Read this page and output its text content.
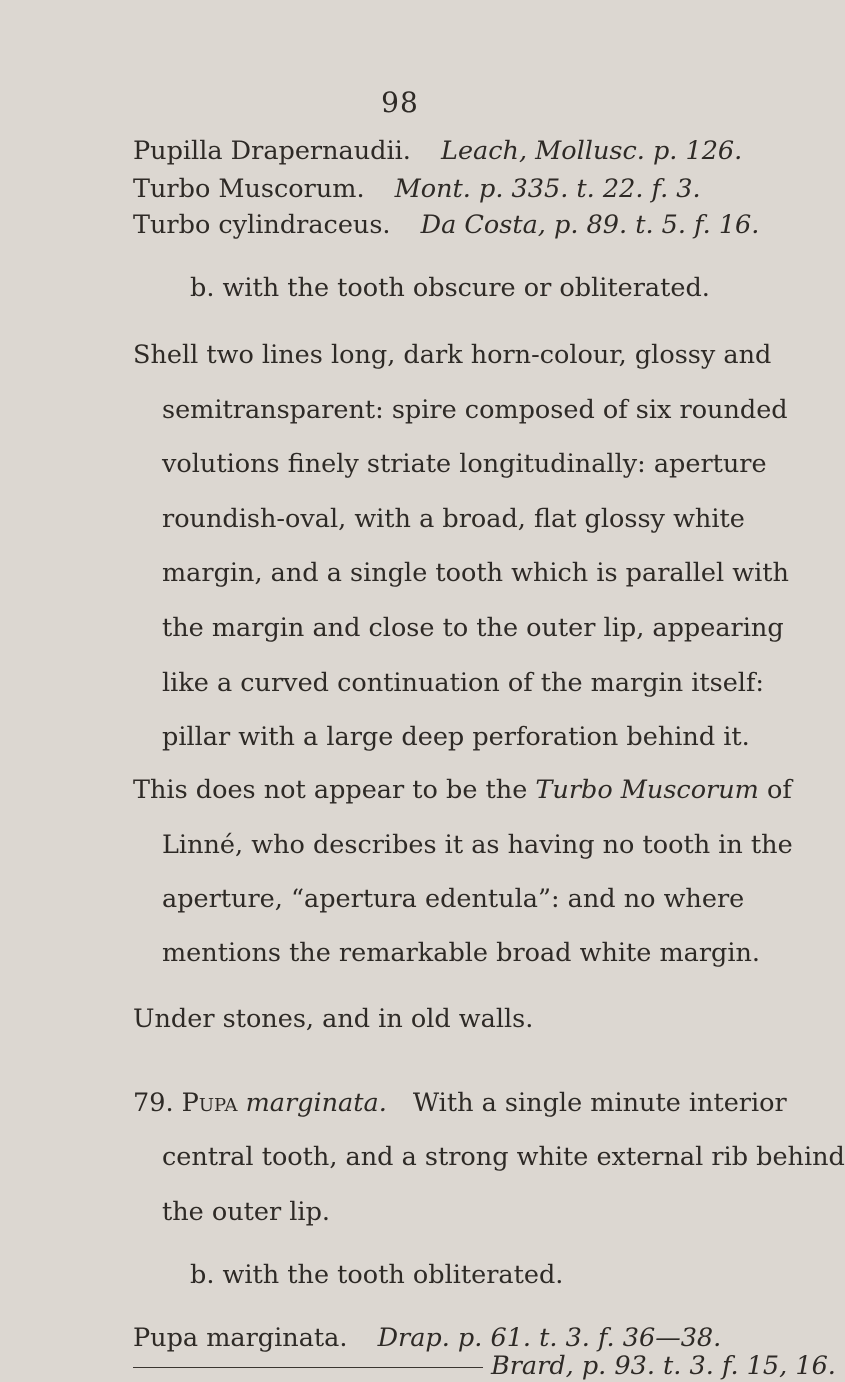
98
Pupilla Drapernaudii. Leach, Mollusc. p. 126.
Turbo Muscorum. Mont. p. 335. t. 22. f. 3.
Turbo cylindraceus. Da Costa, p. 89. t. 5. f. 16.
b. with the tooth obscure or obliterated.
Shell two lines long, dark horn-colour, glossy and
semitransparent: spire composed of six rounded
volutions finely striate longitudinally: aperture
roundish-oval, with a broad, flat glossy white
margin, and a single tooth which is parallel with
the margin and close to the outer lip, appearing
like a curved continuation of the margin itself:
pillar with a large deep perforation behind it.
This does not appear to be the Turbo Muscorum of
Linné, who describes it as having no tooth in the
aperture, “apertura edentula”: and no where
mentions the remarkable broad white margin.
Under stones, and in old walls.
79. Pupa marginata. With a single minute interior
central tooth, and a strong white external rib behind
the outer lip.
b. with the tooth obliterated.
Pupa marginata. Drap. p. 61. t. 3. f. 36—38.
Brard, p. 93. t. 3. f. 15, 16.
